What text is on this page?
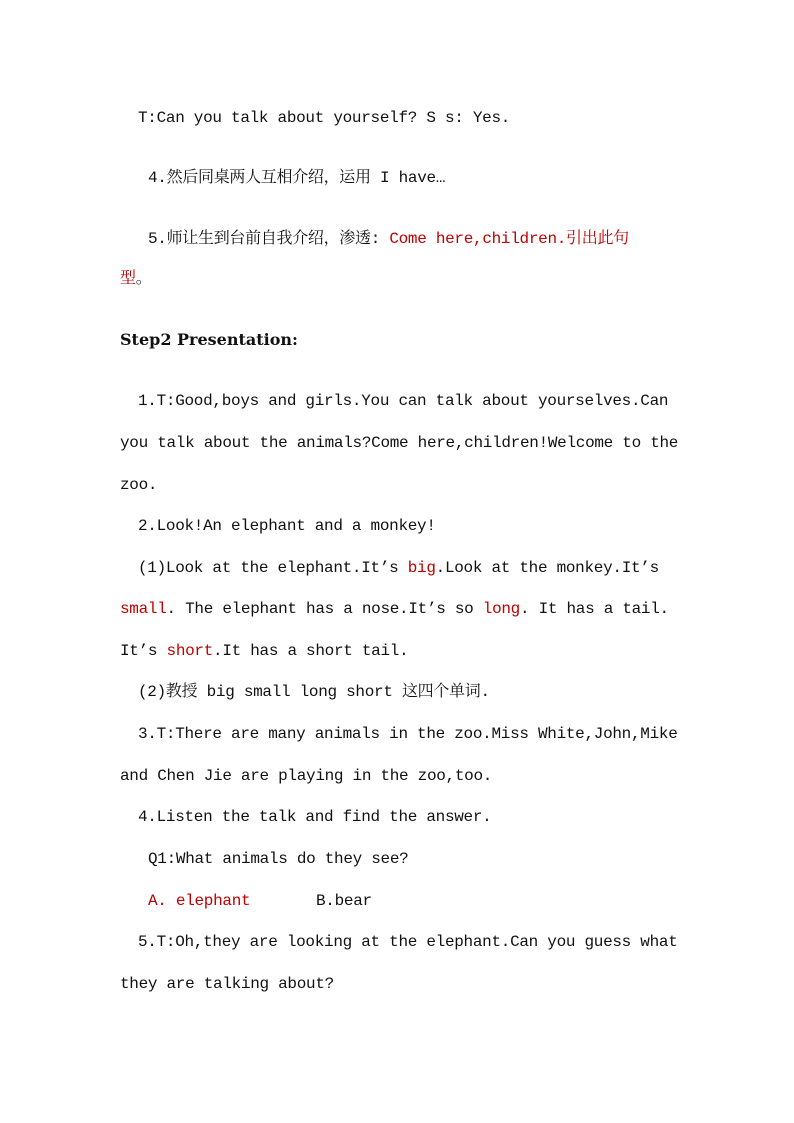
T:Can you talk about yourself? S s: Yes.
4.然后同桌两人互相介绍，运用 I have…
5.师让生到台前自我介绍，渗透: Come here,children.引出此句
型。
Step2 Presentation:
1.T:Good,boys and girls.You can talk about yourselves.Can
you talk about the animals?Come here,children!Welcome to the
zoo.
2.Look!An elephant and a monkey!
(1)Look at the elephant.It’s big.Look at the monkey.It’s
small. The elephant has a nose.It’s so long. It has a tail.
It’s short.It has a short tail.
(2)教授 big small long short 这四个单词.
3.T:There are many animals in the zoo.Miss White,John,Mike
and Chen Jie are playing in the zoo,too.
4.Listen the talk and find the answer.
Q1:What animals do they see?
A. elephant	B.bear
5.T:Oh,they are looking at the elephant.Can you guess what
they are talking about?
